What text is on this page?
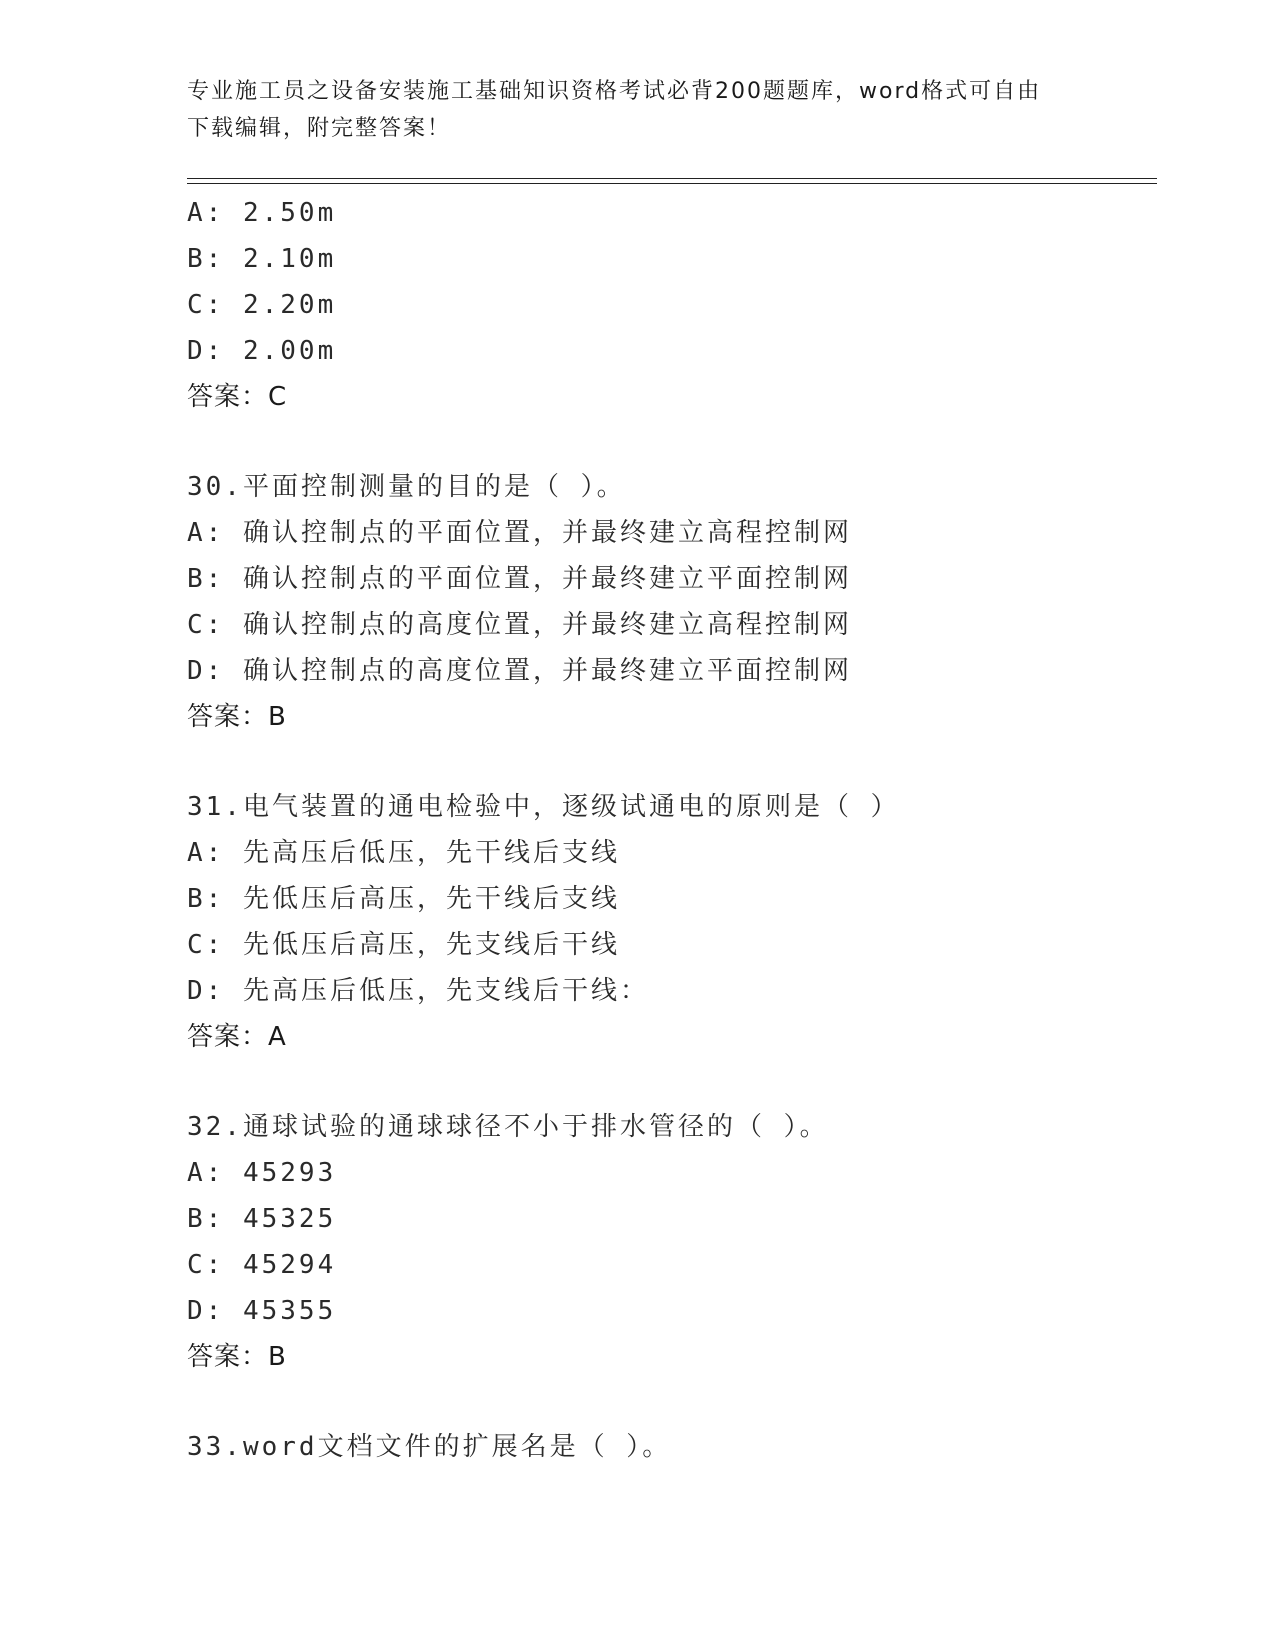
专业施工员之设备安装施工基础知识资格考试必背200题题库，word格式可自由
下载编辑，附完整答案！
A: 2.50m
B: 2.10m
C: 2.20m
D: 2.00m
答案：C
30.平面控制测量的目的是（ ）。
A: 确认控制点的平面位置，并最终建立高程控制网
B: 确认控制点的平面位置，并最终建立平面控制网
C: 确认控制点的高度位置，并最终建立高程控制网
D: 确认控制点的高度位置，并最终建立平面控制网
答案：B
31.电气装置的通电检验中，逐级试通电的原则是（ ）
A: 先高压后低压，先干线后支线
B: 先低压后高压，先干线后支线
C: 先低压后高压，先支线后干线
D: 先高压后低压，先支线后干线：
答案：A
32.通球试验的通球球径不小于排水管径的（ ）。
A: 45293
B: 45325
C: 45294
D: 45355
答案：B
33.word文档文件的扩展名是（ ）。
